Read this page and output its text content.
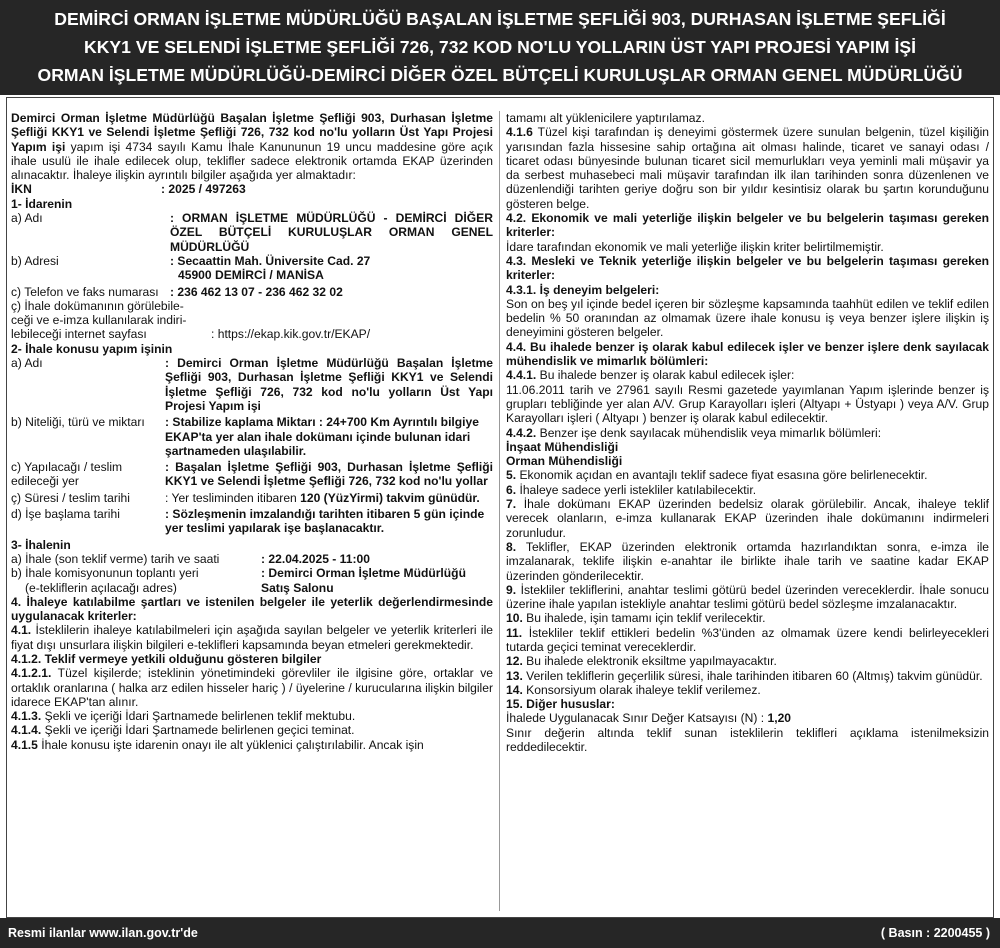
DEMİRCİ ORMAN İŞLETME MÜDÜRLÜĞÜ BAŞALAN İŞLETME ŞEFLİĞİ 903, DURHASAN İŞLETME ŞEFLİĞİ
KKY1 VE SELENDİ İŞLETME ŞEFLİĞİ 726, 732 KOD NO'LU YOLLARIN ÜST YAPI PROJESİ YAPIM İŞİ
ORMAN İŞLETME MÜDÜRLÜĞÜ-DEMİRCİ DİĞER ÖZEL BÜTÇELİ KURULUŞLAR ORMAN GENEL MÜDÜRLÜĞÜ

Demirci Orman İşletme Müdürlüğü Başalan İşletme Şefliği 903, Durhasan İşletme Şefliği KKY1 ve Selendi İşletme Şefliği 726, 732 kod no'lu yolların Üst Yapı Projesi Yapım işi yapım işi 4734 sayılı Kamu İhale Kanununun 19 uncu maddesine göre açık ihale usulü ile ihale edilecek olup, teklifler sadece elektronik ortamda EKAP üzerinden alınacaktır. İhaleye ilişkin ayrıntılı bilgiler aşağıda yer almaktadır:

İKN	: 2025 / 497263

1- İdarenin

a) Adı	: ORMAN İŞLETME MÜDÜRLÜĞÜ - DEMİRCİ DİĞER ÖZEL BÜTÇELİ KURULUŞLAR ORMAN GENEL MÜDÜRLÜĞÜ
b) Adresi	: Secaattin Mah. Üniversite Cad. 27
45900 DEMİRCİ / MANİSA
c) Telefon ve faks numarası : 236 462 13 07 - 236 462 32 02
ç) İhale dokümanının görülebile-
ceği ve e-imza kullanılarak indiri-
lebileceği internet sayfası	: https://ekap.kik.gov.tr/EKAP/

2- İhale konusu yapım işinin

a) Adı	: Demirci Orman İşletme Müdürlüğü Başalan İşletme Şefliği 903, Durhasan İşletme Şefliği KKY1 ve Selendi İşletme Şefliği 726, 732 kod no'lu yolların Üst Yapı Projesi Yapım işi
b) Niteliği, türü ve miktarı	: Stabilize kaplama Miktarı : 24+700 Km Ayrıntılı bilgiye EKAP'ta yer alan ihale dokümanı içinde bulunan idari şartnameden ulaşılabilir.
c) Yapılacağı / teslim edileceği yer
: Başalan İşletme Şefliği 903, Durhasan İşletme Şefliği KKY1 ve Selendi İşletme Şefliği 726, 732 kod no'lu yollar
ç) Süresi / teslim tarihi	: Yer tesliminden itibaren 120 (YüzYirmi) takvim günüdür.
d) İşe başlama tarihi	: Sözleşmenin imzalandığı tarihten itibaren 5 gün içinde yer teslimi yapılarak işe başlanacaktır.

3- İhalenin

a) İhale (son teklif verme) tarih ve saati	: 22.04.2025 - 11:00
b) İhale komisyonunun toplantı yeri
(e-tekliflerin açılacağı adres)
: Demirci Orman İşletme Müdürlüğü Satış Salonu

4. İhaleye katılabilme şartları ve istenilen belgeler ile yeterlik değerlendirmesinde uygulanacak kriterler:

4.1. İsteklilerin ihaleye katılabilmeleri için aşağıda sayılan belgeler ve yeterlik kriterleri ile fiyat dışı unsurlara ilişkin bilgileri e-teklifleri kapsamında beyan etmeleri gerekmektedir.

4.1.2. Teklif vermeye yetkili olduğunu gösteren bilgiler

4.1.2.1. Tüzel kişilerde; isteklinin yönetimindeki görevliler ile ilgisine göre, ortaklar ve ortaklık oranlarına ( halka arz edilen hisseler hariç ) / üyelerine / kurucularına ilişkin bilgiler idarece EKAP'tan alınır.

4.1.3. Şekli ve içeriği İdari Şartnamede belirlenen teklif mektubu.

4.1.4. Şekli ve içeriği İdari Şartnamede belirlenen geçici teminat.

4.1.5 İhale konusu işte idarenin onayı ile alt yüklenici çalıştırılabilir. Ancak işin

tamamı alt yüklenicilere yaptırılamaz.

4.1.6 Tüzel kişi tarafından iş deneyimi göstermek üzere sunulan belgenin, tüzel kişiliğin yarısından fazla hissesine sahip ortağına ait olması halinde, ticaret ve sanayi odası / ticaret odası bünyesinde bulunan ticaret sicil memurlukları veya yeminli mali müşavir ya da serbest muhasebeci mali müşavir tarafından ilk ilan tarihinden sonra düzenlenen ve düzenlendiği tarihten geriye doğru son bir yıldır kesintisiz olarak bu şartın korunduğunu gösteren belge.

4.2. Ekonomik ve mali yeterliğe ilişkin belgeler ve bu belgelerin taşıması gereken kriterler:

İdare tarafından ekonomik ve mali yeterliğe ilişkin kriter belirtilmemiştir.

4.3. Mesleki ve Teknik yeterliğe ilişkin belgeler ve bu belgelerin taşıması gereken kriterler:

4.3.1. İş deneyim belgeleri:

Son on beş yıl içinde bedel içeren bir sözleşme kapsamında taahhüt edilen ve teklif edilen bedelin % 50 oranından az olmamak üzere ihale konusu iş veya benzer işlere ilişkin iş deneyimini gösteren belgeler.

4.4. Bu ihalede benzer iş olarak kabul edilecek işler ve benzer işlere denk sayılacak mühendislik ve mimarlık bölümleri:

4.4.1. Bu ihalede benzer iş olarak kabul edilecek işler:

11.06.2011 tarih ve 27961 sayılı Resmi gazetede yayımlanan Yapım işlerinde benzer iş grupları tebliğinde yer alan A/V. Grup Karayolları işleri (Altyapı + Üstyapı ) veya A/V. Grup Karayolları işleri ( Altyapı ) benzer iş olarak kabul edilecektir.

4.4.2. Benzer işe denk sayılacak mühendislik veya mimarlık bölümleri:

İnşaat Mühendisliği

Orman Mühendisliği

5. Ekonomik açıdan en avantajlı teklif sadece fiyat esasına göre belirlenecektir.

6. İhaleye sadece yerli istekliler katılabilecektir.

7. İhale dokümanı EKAP üzerinden bedelsiz olarak görülebilir. Ancak, ihaleye teklif verecek olanların, e-imza kullanarak EKAP üzerinden ihale dokümanını indirmeleri zorunludur.

8. Teklifler, EKAP üzerinden elektronik ortamda hazırlandıktan sonra, e-imza ile imzalanarak, teklife ilişkin e-anahtar ile birlikte ihale tarih ve saatine kadar EKAP üzerinden gönderilecektir.

9. İstekliler tekliflerini, anahtar teslimi götürü bedel üzerinden vereceklerdir. İhale sonucu üzerine ihale yapılan istekliyle anahtar teslimi götürü bedel sözleşme imzalanacaktır.

10. Bu ihalede, işin tamamı için teklif verilecektir.

11. İstekliler teklif ettikleri bedelin %3'ünden az olmamak üzere kendi belirleyecekleri tutarda geçici teminat vereceklerdir.

12. Bu ihalede elektronik eksiltme yapılmayacaktır.

13. Verilen tekliflerin geçerlilik süresi, ihale tarihinden itibaren 60 (Altmış) takvim günüdür.

14. Konsorsiyum olarak ihaleye teklif verilemez.

15. Diğer hususlar:

İhalede Uygulanacak Sınır Değer Katsayısı (N) : 1,20

Sınır değerin altında teklif sunan isteklilerin teklifleri açıklama istenilmeksizin reddedilecektir.

Resmi ilanlar www.ilan.gov.tr'de	( Basın : 2200455 )
